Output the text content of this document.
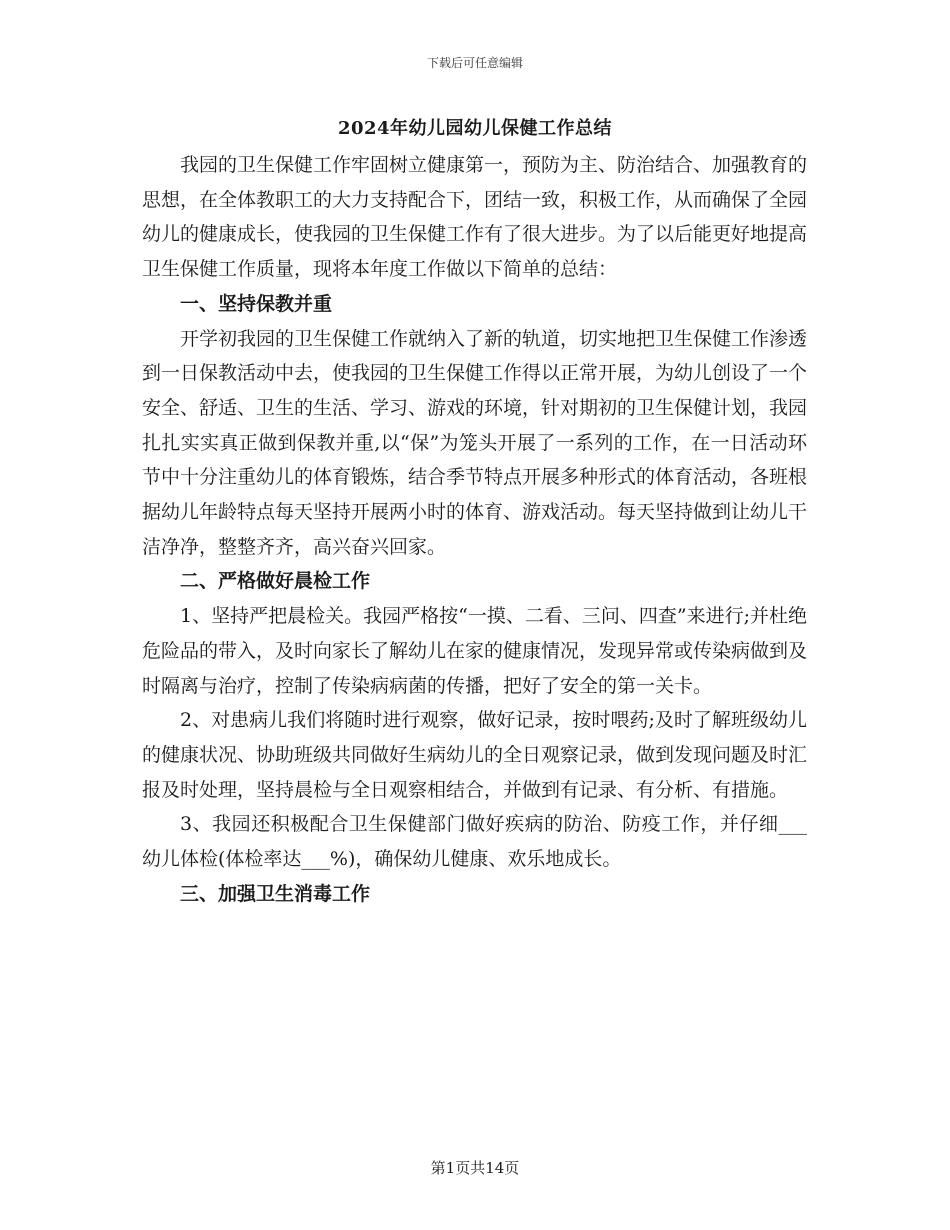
下载后可任意编辑
2024年幼儿园幼儿保健工作总结

我园的卫生保健工作牢固树立健康第一，预防为主、防治结合、加强教育的思想，在全体教职工的大力支持配合下，团结一致，积极工作，从而确保了全园幼儿的健康成长，使我园的卫生保健工作有了很大进步。为了以后能更好地提高卫生保健工作质量，现将本年度工作做以下简单的总结：

一、坚持保教并重

开学初我园的卫生保健工作就纳入了新的轨道，切实地把卫生保健工作渗透到一日保教活动中去，使我园的卫生保健工作得以正常开展，为幼儿创设了一个安全、舒适、卫生的生活、学习、游戏的环境，针对期初的卫生保健计划，我园扎扎实实真正做到保教并重,以“保”为笼头开展了一系列的工作，在一日活动环节中十分注重幼儿的体育锻炼，结合季节特点开展多种形式的体育活动，各班根据幼儿年龄特点每天坚持开展两小时的体育、游戏活动。每天坚持做到让幼儿干洁净净，整整齐齐，高兴奋兴回家。

二、严格做好晨检工作

1、坚持严把晨检关。我园严格按“一摸、二看、三问、四查”来进行;并杜绝危险品的带入，及时向家长了解幼儿在家的健康情况，发现异常或传染病做到及时隔离与治疗，控制了传染病病菌的传播，把好了安全的第一关卡。

2、对患病儿我们将随时进行观察，做好记录，按时喂药;及时了解班级幼儿的健康状况、协助班级共同做好生病幼儿的全日观察记录，做到发现问题及时汇报及时处理，坚持晨检与全日观察相结合，并做到有记录、有分析、有措施。

3、我园还积极配合卫生保健部门做好疾病的防治、防疫工作，并仔细___幼儿体检(体检率达___%)，确保幼儿健康、欢乐地成长。

三、加强卫生消毒工作

第1页共14页
